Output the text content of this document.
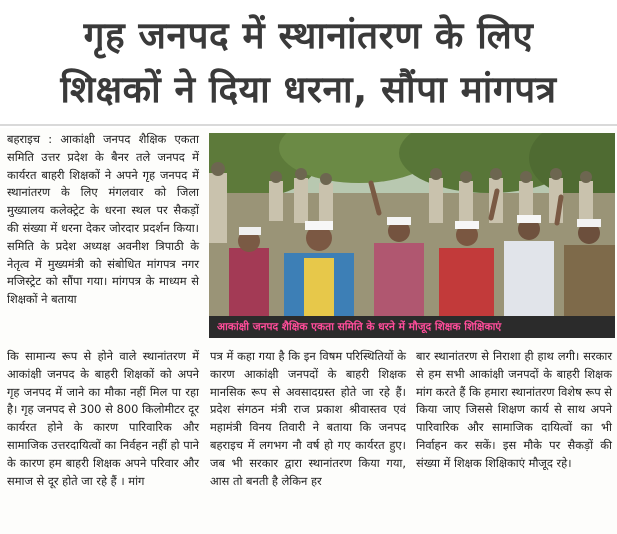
गृह जनपद में स्थानांतरण के लिए
शिक्षकों ने दिया धरना, सौंपा मांगपत्र

बहराइच : आकांक्षी जनपद शैक्षिक एकता समिति उत्तर प्रदेश के बैनर तले जनपद में कार्यरत बाहरी शिक्षकों ने अपने गृह जनपद में स्थानांतरण के लिए मंगलवार को जिला मुख्यालय कलेक्ट्रेट के धरना स्थल पर सैकड़ों की संख्या में धरना देकर जोरदार प्रदर्शन किया। समिति के प्रदेश अध्यक्ष अवनीश त्रिपाठी के नेतृत्व में मुख्यमंत्री को संबोधित मांगपत्र नगर मजिस्ट्रेट को सौंपा गया। मांगपत्र के माध्यम से शिक्षकों ने बताया

आकांक्षी जनपद शैक्षिक एकता समिति के धरने में मौजूद शिक्षक शिक्षिकाएं

कि सामान्य रूप से होने वाले स्थानांतरण में आकांक्षी जनपद के बाहरी शिक्षकों को अपने गृह जनपद में जाने का मौका नहीं मिल पा रहा है। गृह जनपद से 300 से 800 किलोमीटर दूर कार्यरत होने के कारण पारिवारिक और सामाजिक उत्तरदायित्वों का निर्वहन नहीं हो पाने के कारण हम बाहरी शिक्षक अपने परिवार और समाज से दूर होते जा रहे हैं । मांग

पत्र में कहा गया है कि इन विषम परिस्थितियों के कारण आकांक्षी जनपदों के बाहरी शिक्षक मानसिक रूप से अवसादग्रस्त होते जा रहे हैं। प्रदेश संगठन मंत्री राज प्रकाश श्रीवास्तव एवं महामंत्री विनय तिवारी ने बताया कि जनपद बहराइच में लगभग नौ वर्ष हो गए कार्यरत हुए। जब भी सरकार द्वारा स्थानांतरण किया गया, आस तो बनती है लेकिन हर

बार स्थानांतरण से निराशा ही हाथ लगी। सरकार से हम सभी आकांक्षी जनपदों के बाहरी शिक्षक मांग करते हैं कि हमारा स्थानांतरण विशेष रूप से किया जाए जिससे शिक्षण कार्य से साथ अपने पारिवारिक और सामाजिक दायित्वों का भी निर्वाहन कर सकें। इस मौके पर सैकड़ों की संख्या में शिक्षक शिक्षिकाएं मौजूद रहे।
